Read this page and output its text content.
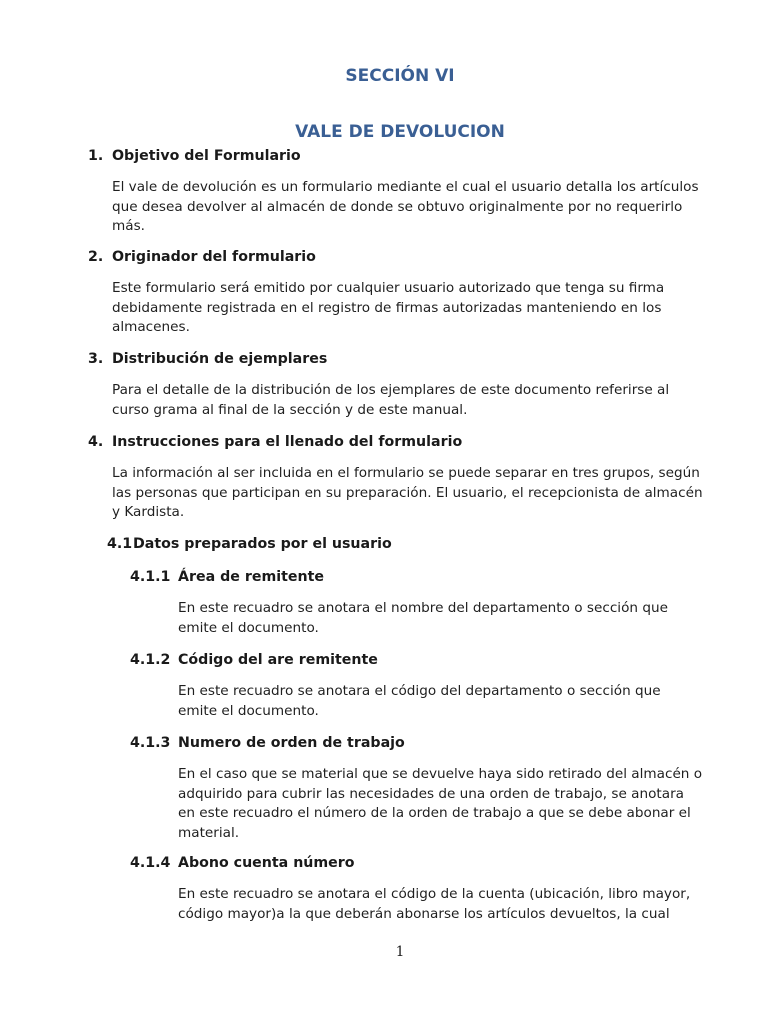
SECCIÓN VI
VALE DE DEVOLUCION
1. Objetivo del Formulario
El vale de devolución es un formulario mediante el cual el usuario detalla los artículos
que desea devolver al almacén de donde se obtuvo originalmente por no requerirlo
más.
2. Originador del formulario
Este formulario será emitido por cualquier usuario autorizado que tenga su firma
debidamente registrada en el registro de firmas autorizadas manteniendo en los
almacenes.
3. Distribución de ejemplares
Para el detalle de la distribución de los ejemplares de este documento referirse al
curso grama al final de la sección y de este manual.
4. Instrucciones para el llenado del formulario
La información al ser incluida en el formulario se puede separar en tres grupos, según
las personas que participan en su preparación. El usuario, el recepcionista de almacén
y Kardista.
4.1Datos preparados por el usuario
4.1.1 Área de remitente
En este recuadro se anotara el nombre del departamento o sección que
emite el documento.
4.1.2 Código del are remitente
En este recuadro se anotara el código del departamento o sección que
emite el documento.
4.1.3 Numero de orden de trabajo
En el caso que se material que se devuelve haya sido retirado del almacén o
adquirido para cubrir las necesidades de una orden de trabajo, se anotara
en este recuadro el número de la orden de trabajo a que se debe abonar el
material.
4.1.4 Abono cuenta número
En este recuadro se anotara el código de la cuenta (ubicación, libro mayor,
código mayor)a la que deberán abonarse los artículos devueltos, la cual
1
